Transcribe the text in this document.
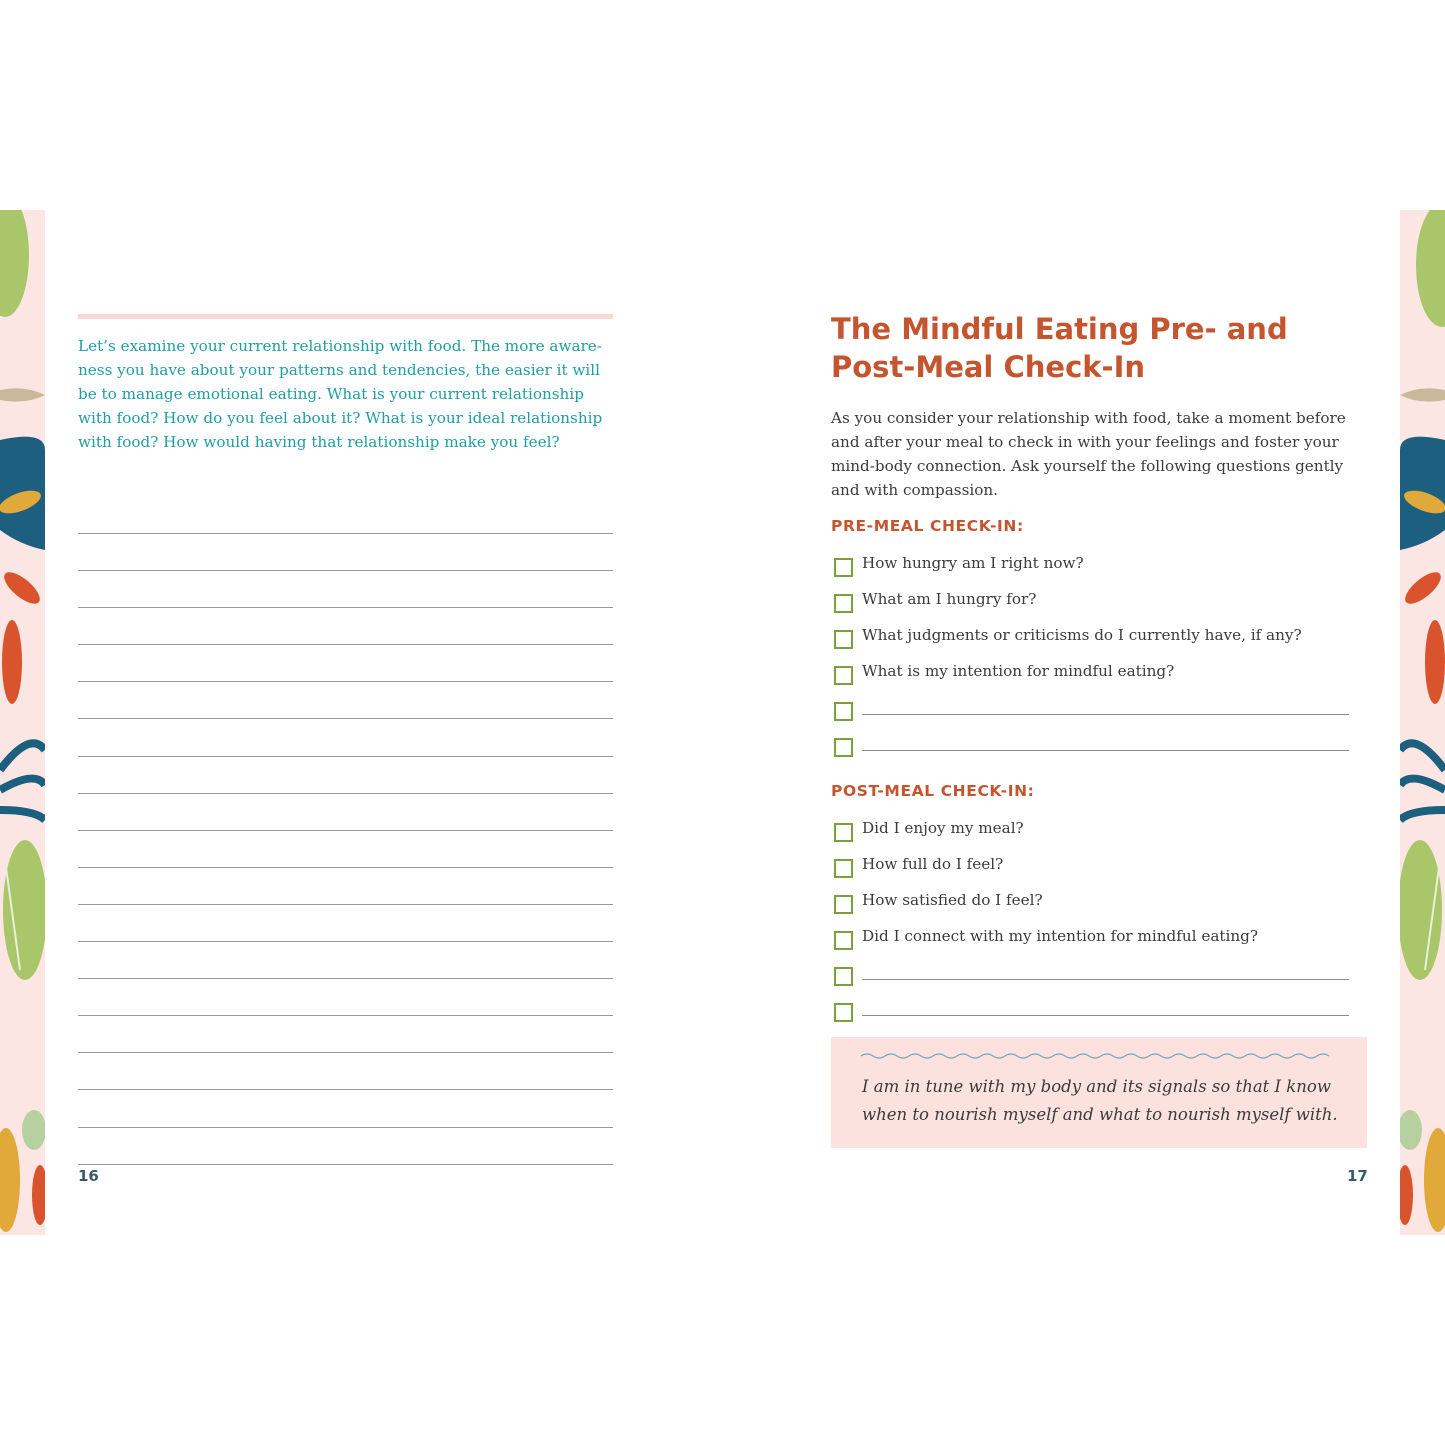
Let’s examine your current relationship with food. The more aware-ness you have about your patterns and tendencies, the easier it will be to manage emotional eating. What is your current relationship with food? How do you feel about it? What is your ideal relationship with food? How would having that relationship make you feel?

16
The Mindful Eating Pre- and Post-Meal Check-In

As you consider your relationship with food, take a moment before and after your meal to check in with your feelings and foster your mind-body connection. Ask yourself the following questions gently and with compassion.

PRE-MEAL CHECK-IN:
How hungry am I right now?
What am I hungry for?
What judgments or criticisms do I currently have, if any?
What is my intention for mindful eating?
POST-MEAL CHECK-IN:
Did I enjoy my meal?
How full do I feel?
How satisfied do I feel?
Did I connect with my intention for mindful eating?

I am in tune with my body and its signals so that I know when to nourish myself and what to nourish myself with.

17
